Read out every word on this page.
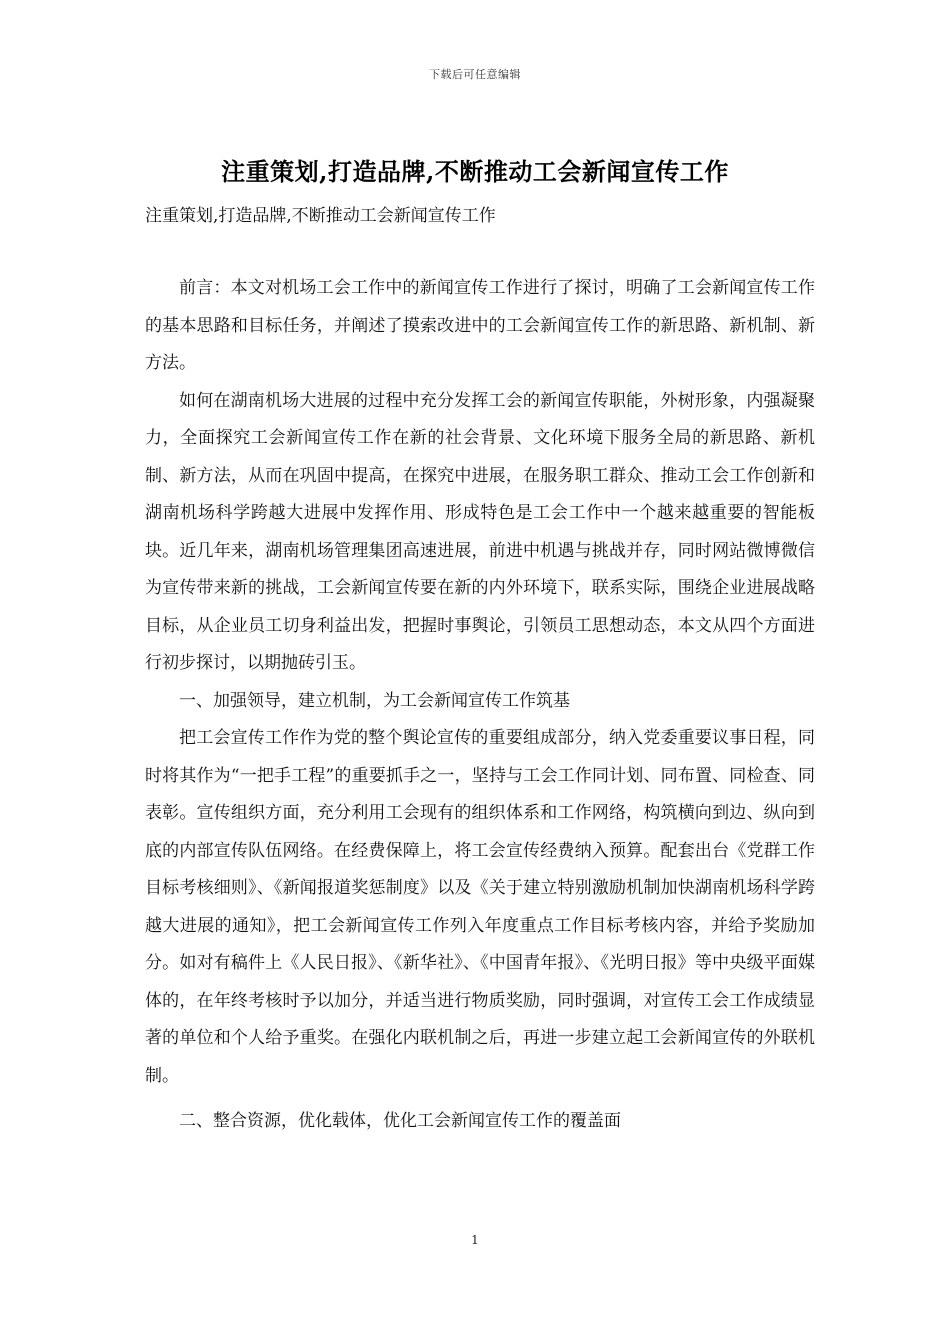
下载后可任意编辑
注重策划,打造品牌,不断推动工会新闻宣传工作
注重策划,打造品牌,不断推动工会新闻宣传工作

前言：本文对机场工会工作中的新闻宣传工作进行了探讨，明确了工会新闻宣传工作的基本思路和目标任务，并阐述了摸索改进中的工会新闻宣传工作的新思路、新机制、新方法。

如何在湖南机场大进展的过程中充分发挥工会的新闻宣传职能，外树形象，内强凝聚力，全面探究工会新闻宣传工作在新的社会背景、文化环境下服务全局的新思路、新机制、新方法，从而在巩固中提高，在探究中进展，在服务职工群众、推动工会工作创新和湖南机场科学跨越大进展中发挥作用、形成特色是工会工作中一个越来越重要的智能板块。近几年来，湖南机场管理集团高速进展，前进中机遇与挑战并存，同时网站微博微信为宣传带来新的挑战，工会新闻宣传要在新的内外环境下，联系实际，围绕企业进展战略目标，从企业员工切身利益出发，把握时事舆论，引领员工思想动态，本文从四个方面进行初步探讨，以期抛砖引玉。

一、加强领导，建立机制，为工会新闻宣传工作筑基

把工会宣传工作作为党的整个舆论宣传的重要组成部分，纳入党委重要议事日程，同时将其作为“一把手工程”的重要抓手之一，坚持与工会工作同计划、同布置、同检查、同表彰。宣传组织方面，充分利用工会现有的组织体系和工作网络，构筑横向到边、纵向到底的内部宣传队伍网络。在经费保障上，将工会宣传经费纳入预算。配套出台《党群工作目标考核细则》、《新闻报道奖惩制度》以及《关于建立特别激励机制加快湖南机场科学跨越大进展的通知》，把工会新闻宣传工作列入年度重点工作目标考核内容，并给予奖励加分。如对有稿件上《人民日报》、《新华社》、《中国青年报》、《光明日报》等中央级平面媒体的，在年终考核时予以加分，并适当进行物质奖励，同时强调，对宣传工会工作成绩显著的单位和个人给予重奖。在强化内联机制之后，再进一步建立起工会新闻宣传的外联机制。

二、整合资源，优化载体，优化工会新闻宣传工作的覆盖面

1
